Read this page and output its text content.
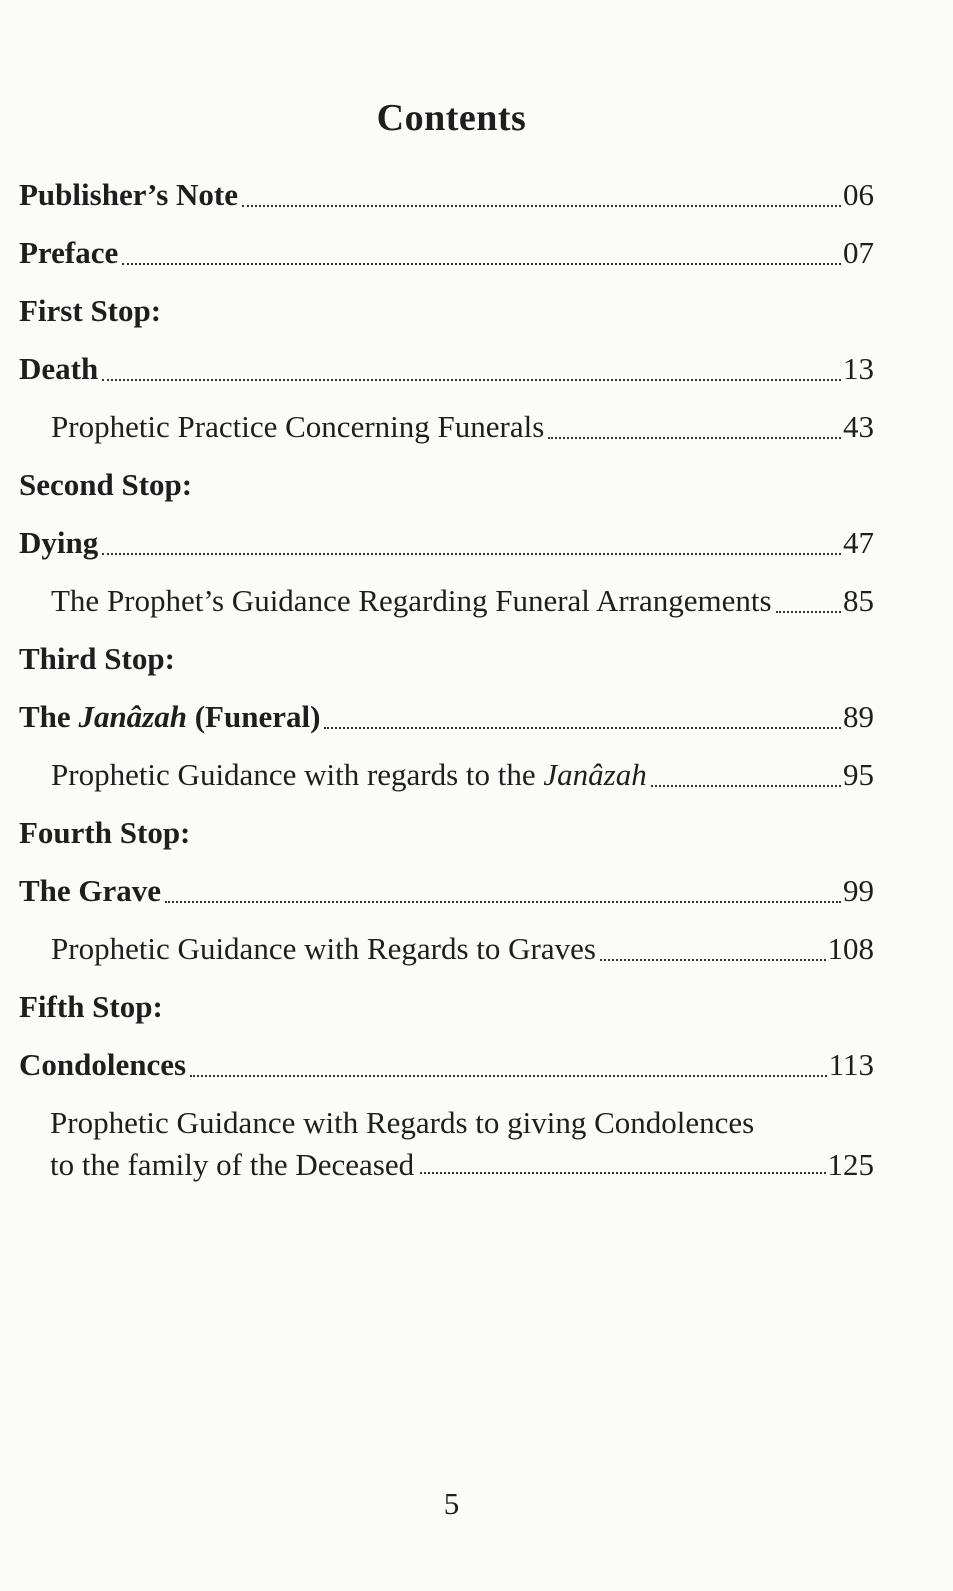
Contents
Publisher’s Note	06
Preface	07
First Stop:
Death	13
Prophetic Practice Concerning Funerals	43
Second Stop:
Dying	47
The Prophet’s Guidance Regarding Funeral Arrangements 85
Third Stop:
The Janâzah (Funeral)	89
Prophetic Guidance with regards to the Janâzah	95
Fourth Stop:
The Grave	99
Prophetic Guidance with Regards to Graves	108
Fifth Stop:
Condolences	113
Prophetic Guidance with Regards to giving Condolences
to the family of the Deceased	125
5
